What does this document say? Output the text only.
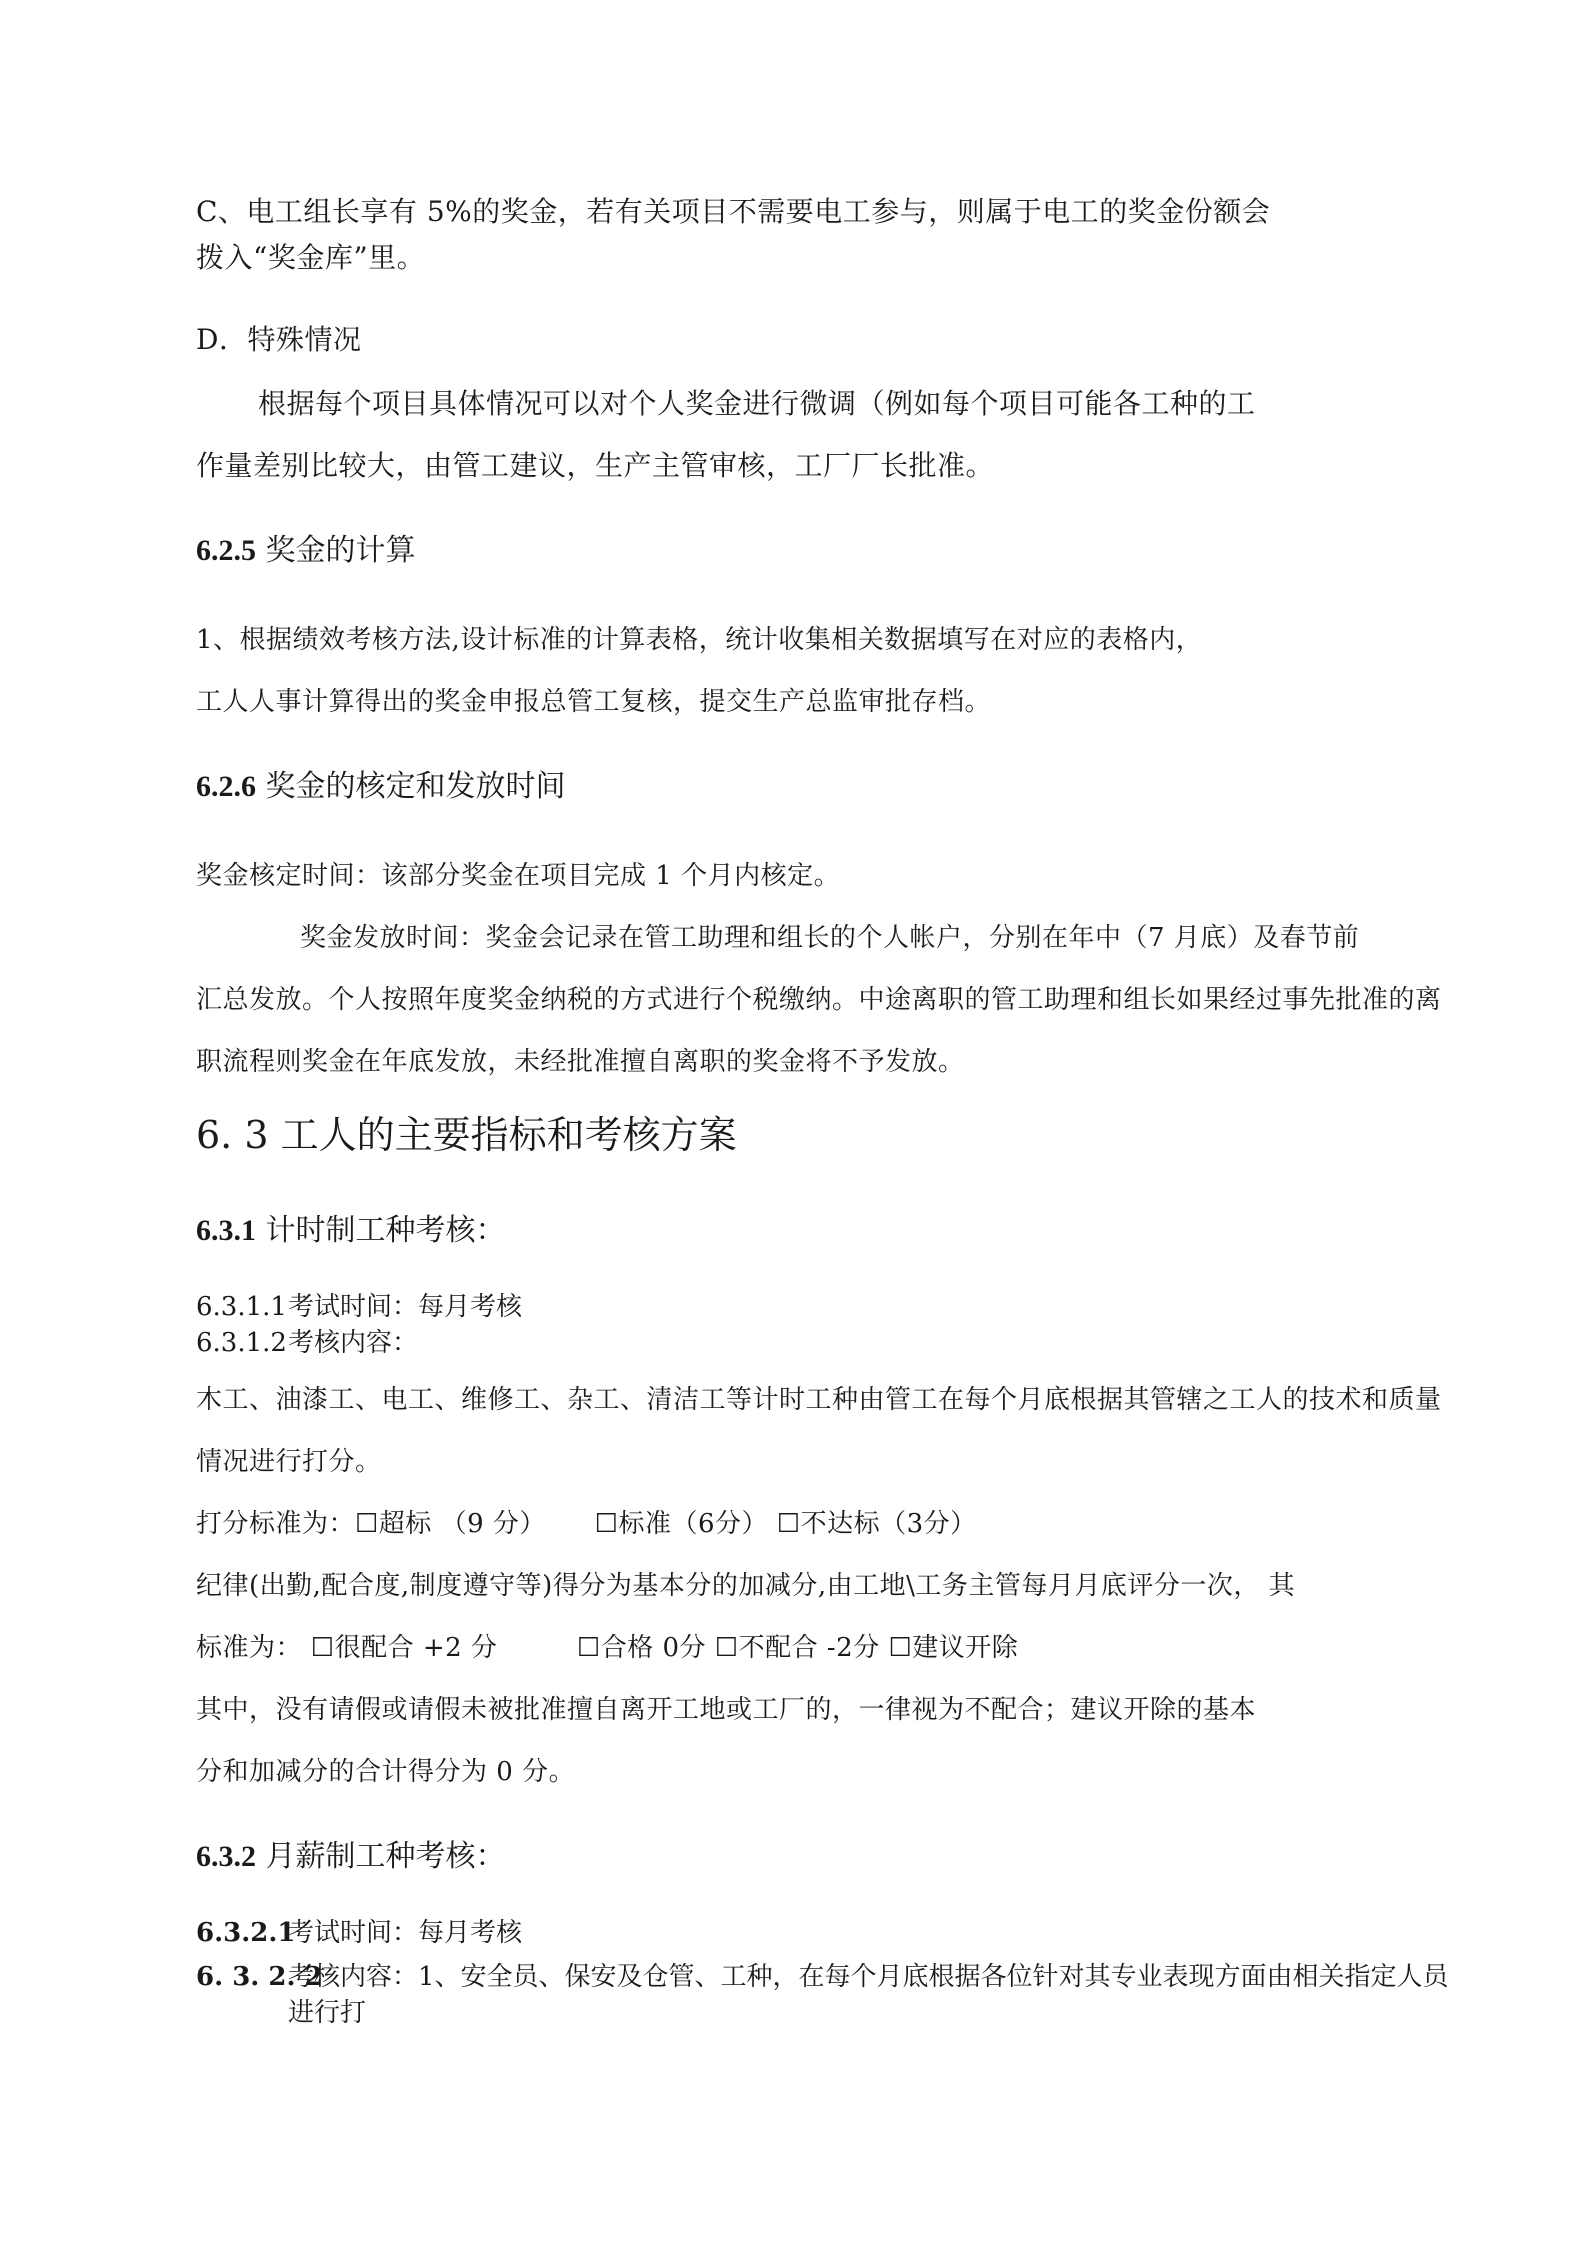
C、电工组长享有 5%的奖金，若有关项目不需要电工参与，则属于电工的奖金份额会
拨入“奖金库”里。
D．特殊情况
根据每个项目具体情况可以对个人奖金进行微调（例如每个项目可能各工种的工
作量差别比较大，由管工建议，生产主管审核，工厂厂长批准。
6.2.5 奖金的计算
1、根据绩效考核方法,设计标准的计算表格，统计收集相关数据填写在对应的表格内，
工人人事计算得出的奖金申报总管工复核，提交生产总监审批存档。
6.2.6 奖金的核定和发放时间
奖金核定时间：该部分奖金在项目完成 1 个月内核定。
奖金发放时间：奖金会记录在管工助理和组长的个人帐户，分别在年中（7 月底）及春节前
汇总发放。个人按照年度奖金纳税的方式进行个税缴纳。中途离职的管工助理和组长如果经过事先批准的离
职流程则奖金在年底发放，未经批准擅自离职的奖金将不予发放。
6. 3 工人的主要指标和考核方案
6.3.1 计时制工种考核：
6.3.1.1 考试时间：每月考核
6.3.1.2 考核内容：
木工、油漆工、电工、维修工、杂工、清洁工等计时工种由管工在每个月底根据其管辖之工人的技术和质量
情况进行打分。
打分标准为：☐超标 （9 分）　　 ☐标准（6分） ☐不达标（3分）
纪律(出勤,配合度,制度遵守等)得分为基本分的加减分,由工地\工务主管每月月底评分一次， 其
标准为： ☐很配合 +2 分　　　☐合格 0分 ☐不配合 -2分 ☐建议开除
其中，没有请假或请假未被批准擅自离开工地或工厂的，一律视为不配合；建议开除的基本
分和加减分的合计得分为 0 分。
6.3.2 月薪制工种考核：
6.3.2.1
考试时间：每月考核
6. 3. 2. 2
考核内容：1、安全员、保安及仓管、工种，在每个月底根据各位针对其专业表现方面由相关指定人员
进行打
